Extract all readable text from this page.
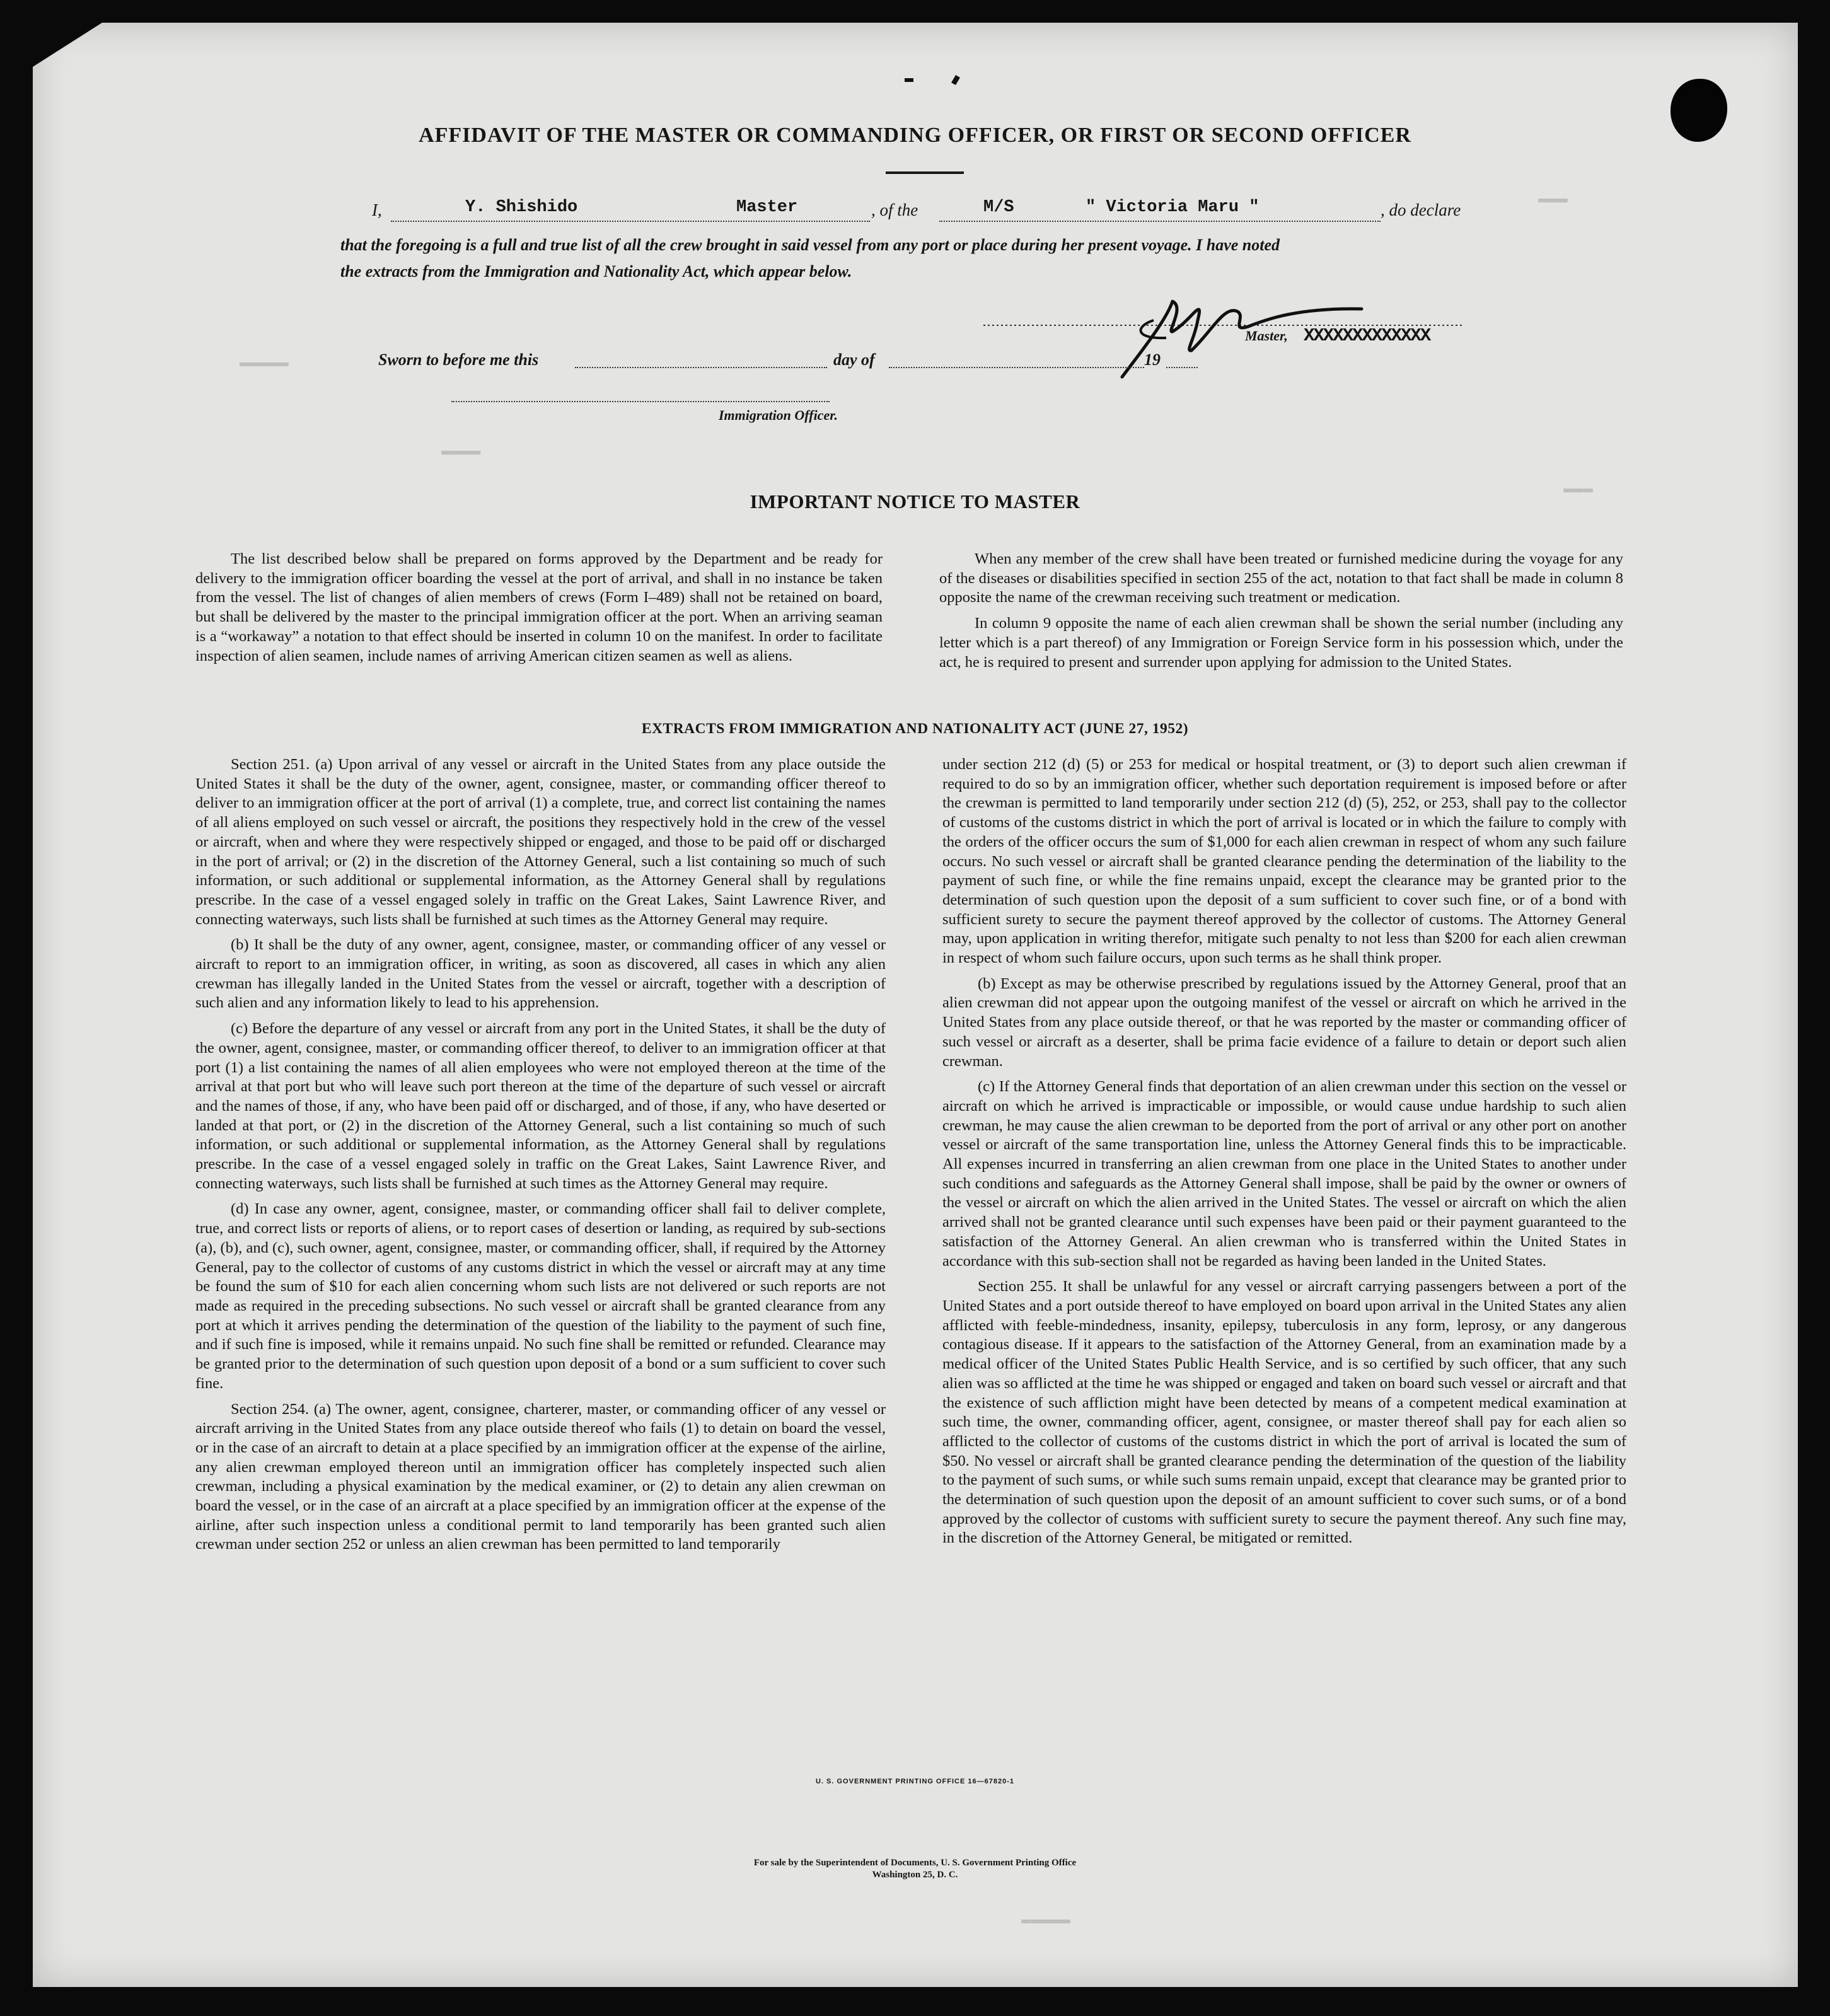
▬▬▬
▬▬▬▬▬
▬▬▬▬
▬▬▬
▬▬▬▬▬
AFFIDAVIT OF THE MASTER OR COMMANDING OFFICER, OR FIRST OR SECOND OFFICER
I,	Y. Shishido	Master	, of the	M/S	" Victoria Maru "	, do declare
that the foregoing is a full and true list of all the crew brought in said vessel from any port or place during her present voyage. I have noted
the extracts from the Immigration and Nationality Act, which appear below.
Master, XXXXXXXXXXXXX
Sworn to before me this	day of	19
Immigration Officer.
IMPORTANT NOTICE TO MASTER

The list described below shall be prepared on forms approved by the Department and be ready for delivery to the immigration officer boarding the vessel at the port of arrival, and shall in no instance be taken from the vessel. The list of changes of alien members of crews (Form I–489) shall not be retained on board, but shall be delivered by the master to the principal immigration officer at the port. When an arriving seaman is a “workaway” a notation to that effect should be inserted in column 10 on the manifest. In order to facilitate inspection of alien seamen, include names of arriving American citizen seamen as well as aliens.

When any member of the crew shall have been treated or furnished medicine during the voyage for any of the diseases or disabilities specified in section 255 of the act, notation to that fact shall be made in column 8 opposite the name of the crewman receiving such treatment or medication.

In column 9 opposite the name of each alien crewman shall be shown the serial number (including any letter which is a part thereof) of any Immigration or Foreign Service form in his possession which, under the act, he is required to present and surrender upon applying for admission to the United States.

EXTRACTS FROM IMMIGRATION AND NATIONALITY ACT (JUNE 27, 1952)

Section 251. (a) Upon arrival of any vessel or aircraft in the United States from any place outside the United States it shall be the duty of the owner, agent, consignee, master, or commanding officer thereof to deliver to an immigration officer at the port of arrival (1) a complete, true, and correct list containing the names of all aliens employed on such vessel or aircraft, the positions they respectively hold in the crew of the vessel or aircraft, when and where they were respectively shipped or engaged, and those to be paid off or discharged in the port of arrival; or (2) in the discretion of the Attorney General, such a list containing so much of such information, or such additional or supplemental information, as the Attorney General shall by regulations prescribe. In the case of a vessel engaged solely in traffic on the Great Lakes, Saint Lawrence River, and connecting waterways, such lists shall be furnished at such times as the Attorney General may require.

(b) It shall be the duty of any owner, agent, consignee, master, or commanding officer of any vessel or aircraft to report to an immigration officer, in writing, as soon as discovered, all cases in which any alien crewman has illegally landed in the United States from the vessel or aircraft, together with a description of such alien and any information likely to lead to his apprehension.

(c) Before the departure of any vessel or aircraft from any port in the United States, it shall be the duty of the owner, agent, consignee, master, or commanding officer thereof, to deliver to an immigration officer at that port (1) a list containing the names of all alien employees who were not employed thereon at the time of the arrival at that port but who will leave such port thereon at the time of the departure of such vessel or aircraft and the names of those, if any, who have been paid off or discharged, and of those, if any, who have deserted or landed at that port, or (2) in the discretion of the Attorney General, such a list containing so much of such information, or such additional or supplemental information, as the Attorney General shall by regulations prescribe. In the case of a vessel engaged solely in traffic on the Great Lakes, Saint Lawrence River, and connecting waterways, such lists shall be furnished at such times as the Attorney General may require.

(d) In case any owner, agent, consignee, master, or commanding officer shall fail to deliver complete, true, and correct lists or reports of aliens, or to report cases of desertion or landing, as required by sub-sections (a), (b), and (c), such owner, agent, consignee, master, or commanding officer, shall, if required by the Attorney General, pay to the collector of customs of any customs district in which the vessel or aircraft may at any time be found the sum of $10 for each alien concerning whom such lists are not delivered or such reports are not made as required in the preceding subsections. No such vessel or aircraft shall be granted clearance from any port at which it arrives pending the determination of the question of the liability to the payment of such fine, and if such fine is imposed, while it remains unpaid. No such fine shall be remitted or refunded. Clearance may be granted prior to the determination of such question upon deposit of a bond or a sum sufficient to cover such fine.

Section 254. (a) The owner, agent, consignee, charterer, master, or commanding officer of any vessel or aircraft arriving in the United States from any place outside thereof who fails (1) to detain on board the vessel, or in the case of an aircraft to detain at a place specified by an immigration officer at the expense of the airline, any alien crewman employed thereon until an immigration officer has completely inspected such alien crewman, including a physical examination by the medical examiner, or (2) to detain any alien crewman on board the vessel, or in the case of an aircraft at a place specified by an immigration officer at the expense of the airline, after such inspection unless a conditional permit to land temporarily has been granted such alien crewman under section 252 or unless an alien crewman has been permitted to land temporarily

under section 212 (d) (5) or 253 for medical or hospital treatment, or (3) to deport such alien crewman if required to do so by an immigration officer, whether such deportation requirement is imposed before or after the crewman is permitted to land temporarily under section 212 (d) (5), 252, or 253, shall pay to the collector of customs of the customs district in which the port of arrival is located or in which the failure to comply with the orders of the officer occurs the sum of $1,000 for each alien crewman in respect of whom any such failure occurs. No such vessel or aircraft shall be granted clearance pending the determination of the liability to the payment of such fine, or while the fine remains unpaid, except the clearance may be granted prior to the determination of such question upon the deposit of a sum sufficient to cover such fine, or of a bond with sufficient surety to secure the payment thereof approved by the collector of customs. The Attorney General may, upon application in writing therefor, mitigate such penalty to not less than $200 for each alien crewman in respect of whom such failure occurs, upon such terms as he shall think proper.

(b) Except as may be otherwise prescribed by regulations issued by the Attorney General, proof that an alien crewman did not appear upon the outgoing manifest of the vessel or aircraft on which he arrived in the United States from any place outside thereof, or that he was reported by the master or commanding officer of such vessel or aircraft as a deserter, shall be prima facie evidence of a failure to detain or deport such alien crewman.

(c) If the Attorney General finds that deportation of an alien crewman under this section on the vessel or aircraft on which he arrived is impracticable or impossible, or would cause undue hardship to such alien crewman, he may cause the alien crewman to be deported from the port of arrival or any other port on another vessel or aircraft of the same transportation line, unless the Attorney General finds this to be impracticable. All expenses incurred in transferring an alien crewman from one place in the United States to another under such conditions and safeguards as the Attorney General shall impose, shall be paid by the owner or owners of the vessel or aircraft on which the alien arrived in the United States. The vessel or aircraft on which the alien arrived shall not be granted clearance until such expenses have been paid or their payment guaranteed to the satisfaction of the Attorney General. An alien crewman who is transferred within the United States in accordance with this sub-section shall not be regarded as having been landed in the United States.

Section 255. It shall be unlawful for any vessel or aircraft carrying passengers between a port of the United States and a port outside thereof to have employed on board upon arrival in the United States any alien afflicted with feeble-mindedness, insanity, epilepsy, tuberculosis in any form, leprosy, or any dangerous contagious disease. If it appears to the satisfaction of the Attorney General, from an examination made by a medical officer of the United States Public Health Service, and is so certified by such officer, that any such alien was so afflicted at the time he was shipped or engaged and taken on board such vessel or aircraft and that the existence of such affliction might have been detected by means of a competent medical examination at such time, the owner, commanding officer, agent, consignee, or master thereof shall pay for each alien so afflicted to the collector of customs of the customs district in which the port of arrival is located the sum of $50. No vessel or aircraft shall be granted clearance pending the determination of the question of the liability to the payment of such sums, or while such sums remain unpaid, except that clearance may be granted prior to the determination of such question upon the deposit of an amount sufficient to cover such sums, or of a bond approved by the collector of customs with sufficient surety to secure the payment thereof. Any such fine may, in the discretion of the Attorney General, be mitigated or remitted.

U. S. GOVERNMENT PRINTING OFFICE 16—67820-1
For sale by the Superintendent of Documents, U. S. Government Printing Office
Washington 25, D. C.
